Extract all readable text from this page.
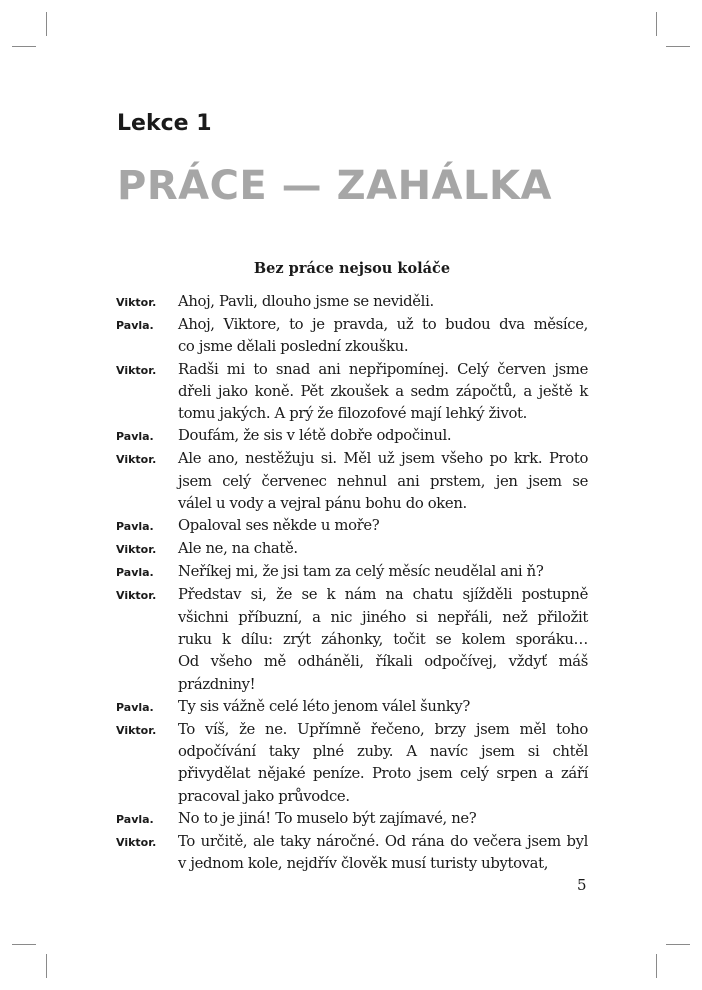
Lekce 1
PRÁCE — ZAHÁLKA
Bez práce nejsou koláče
Viktor.	Ahoj, Pavli, dlouho jsme se neviděli.
Pavla.	Ahoj, Viktore, to je pravda, už to budou dva měsíce,
co jsme dělali poslední zkoušku.
Viktor.	Radši mi to snad ani nepřipomínej. Celý červen jsme
dřeli jako koně. Pět zkoušek a sedm zápočtů, a ještě k
tomu jakých. A prý že filozofové mají lehký život.
Pavla.	Doufám, že sis v létě dobře odpočinul.
Viktor.	Ale ano, nestěžuju si. Měl už jsem všeho po krk. Proto
jsem celý červenec nehnul ani prstem, jen jsem se
válel u vody a vejral pánu bohu do oken.
Pavla.	Opaloval ses někde u moře?
Viktor.	Ale ne, na chatě.
Pavla.	Neříkej mi, že jsi tam za celý měsíc neudělal ani ň?
Viktor.	Představ si, že se k nám na chatu sjížděli postupně
všichni příbuzní, a nic jiného si nepřáli, než přiložit
ruku k dílu: zrýt záhonky, točit se kolem sporáku…
Od všeho mě odháněli, říkali odpočívej, vždyť máš
prázdniny!
Pavla.	Ty sis vážně celé léto jenom válel šunky?
Viktor.	To víš, že ne. Upřímně řečeno, brzy jsem měl toho
odpočívání taky plné zuby. A navíc jsem si chtěl
přivydělat nějaké peníze. Proto jsem celý srpen a září
pracoval jako průvodce.
Pavla.	No to je jiná! To muselo být zajímavé, ne?
Viktor.	To určitě, ale taky náročné. Od rána do večera jsem byl
v jednom kole, nejdřív člověk musí turisty ubytovat,
5
